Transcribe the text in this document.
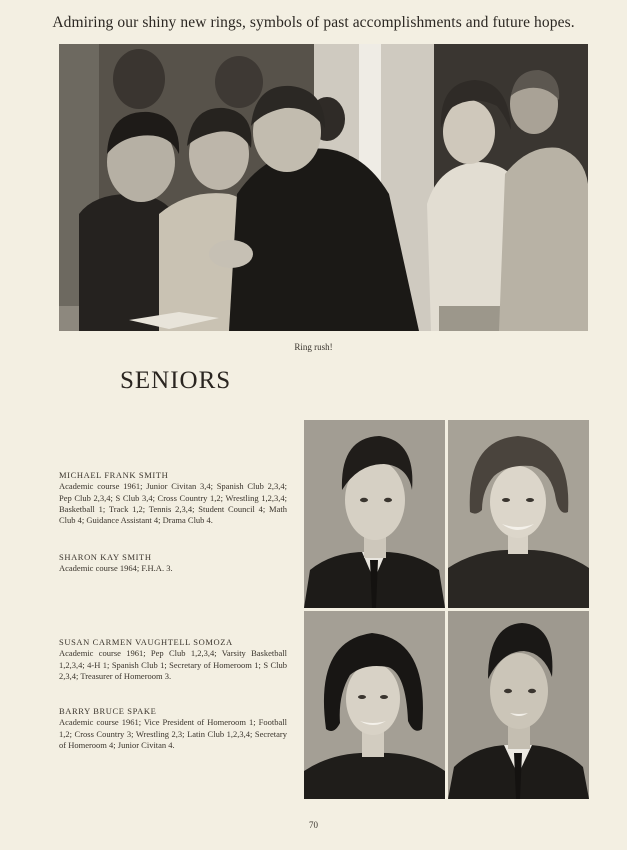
Admiring our shiny new rings, symbols of past accomplishments and future hopes.
Ring rush!
SENIORS
MICHAEL FRANK SMITH
Academic course 1961; Junior Civitan 3,4; Spanish Club 2,3,4; Pep Club 2,3,4; S Club 3,4; Cross Country 1,2; Wrestling 1,2,3,4; Basketball 1; Track 1,2; Tennis 2,3,4; Student Council 4; Math Club 4; Guidance Assistant 4; Drama Club 4.
SHARON KAY SMITH
Academic course 1964; F.H.A. 3.
SUSAN CARMEN VAUGHTELL SOMOZA
Academic course 1961; Pep Club 1,2,3,4; Varsity Basketball 1,2,3,4; 4-H 1; Spanish Club 1; Secretary of Homeroom 1; S Club 2,3,4; Treasurer of Homeroom 3.
BARRY BRUCE SPAKE
Academic course 1961; Vice President of Homeroom 1; Football 1,2; Cross Country 3; Wrestling 2,3; Latin Club 1,2,3,4; Secretary of Homeroom 4; Junior Civitan 4.
70
